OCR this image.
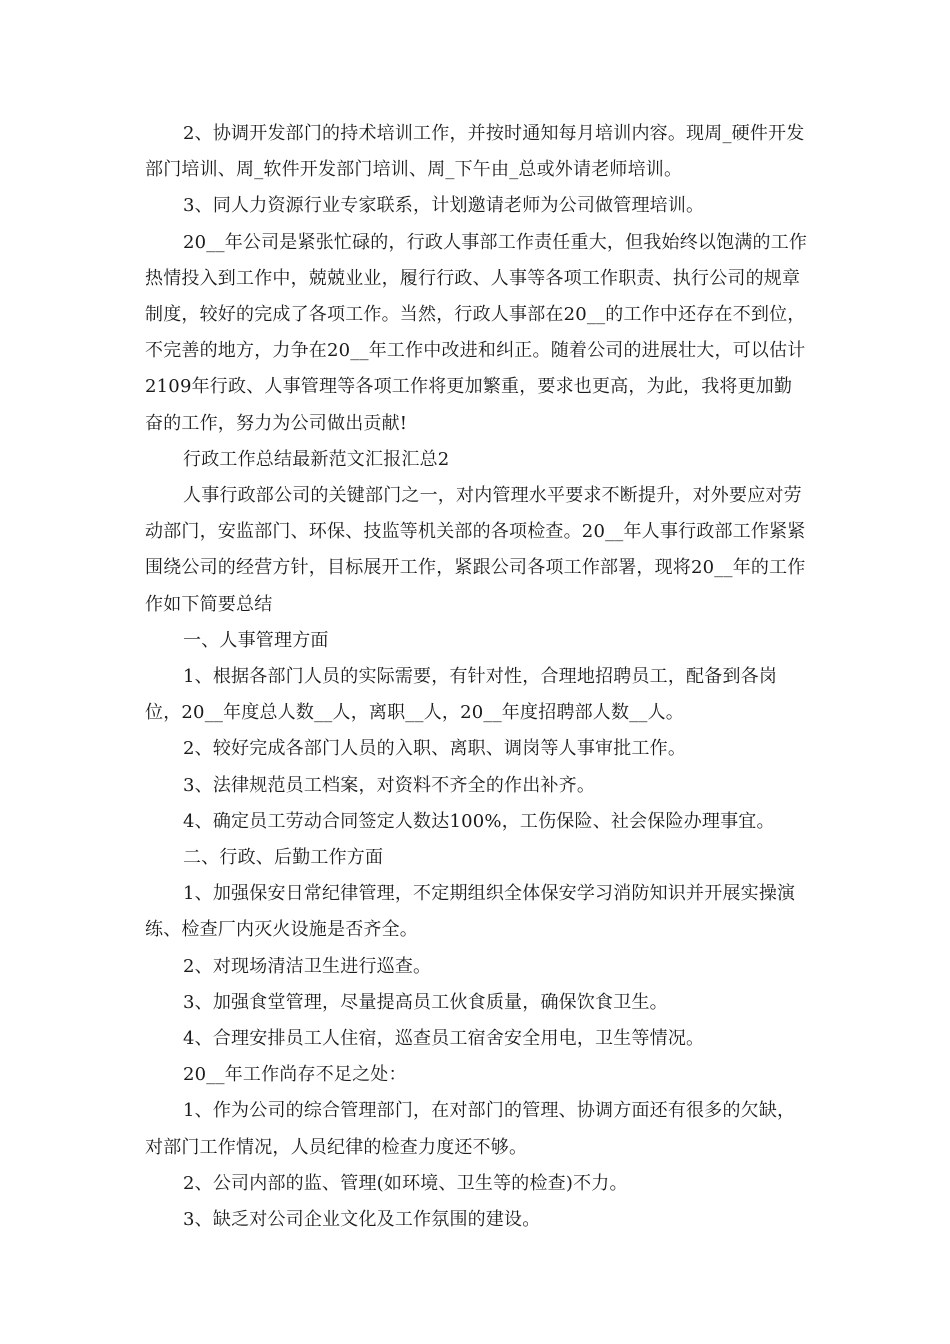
2、协调开发部门的持术培训工作，并按时通知每月培训内容。现周_硬件开发部门培训、周_软件开发部门培训、周_下午由_总或外请老师培训。

3、同人力资源行业专家联系，计划邀请老师为公司做管理培训。

20__年公司是紧张忙碌的，行政人事部工作责任重大，但我始终以饱满的工作热情投入到工作中，兢兢业业，履行行政、人事等各项工作职责、执行公司的规章制度，较好的完成了各项工作。当然，行政人事部在20__的工作中还存在不到位，不完善的地方，力争在20__年工作中改进和纠正。随着公司的进展壮大，可以估计2109年行政、人事管理等各项工作将更加繁重，要求也更高，为此，我将更加勤奋的工作，努力为公司做出贡献!

行政工作总结最新范文汇报汇总2

人事行政部公司的关键部门之一，对内管理水平要求不断提升，对外要应对劳动部门，安监部门、环保、技监等机关部的各项检查。20__年人事行政部工作紧紧围绕公司的经营方针，目标展开工作，紧跟公司各项工作部署，现将20__年的工作作如下简要总结

一、人事管理方面

1、根据各部门人员的实际需要，有针对性，合理地招聘员工，配备到各岗位，20__年度总人数__人，离职__人，20__年度招聘部人数__人。

2、较好完成各部门人员的入职、离职、调岗等人事审批工作。

3、法律规范员工档案，对资料不齐全的作出补齐。

4、确定员工劳动合同签定人数达100%，工伤保险、社会保险办理事宜。

二、行政、后勤工作方面

1、加强保安日常纪律管理，不定期组织全体保安学习消防知识并开展实操演练、检查厂内灭火设施是否齐全。

2、对现场清洁卫生进行巡查。

3、加强食堂管理，尽量提高员工伙食质量，确保饮食卫生。

4、合理安排员工人住宿，巡查员工宿舍安全用电，卫生等情况。

20__年工作尚存不足之处：

1、作为公司的综合管理部门，在对部门的管理、协调方面还有很多的欠缺，对部门工作情况，人员纪律的检查力度还不够。

2、公司内部的监、管理(如环境、卫生等的检查)不力。

3、缺乏对公司企业文化及工作氛围的建设。
